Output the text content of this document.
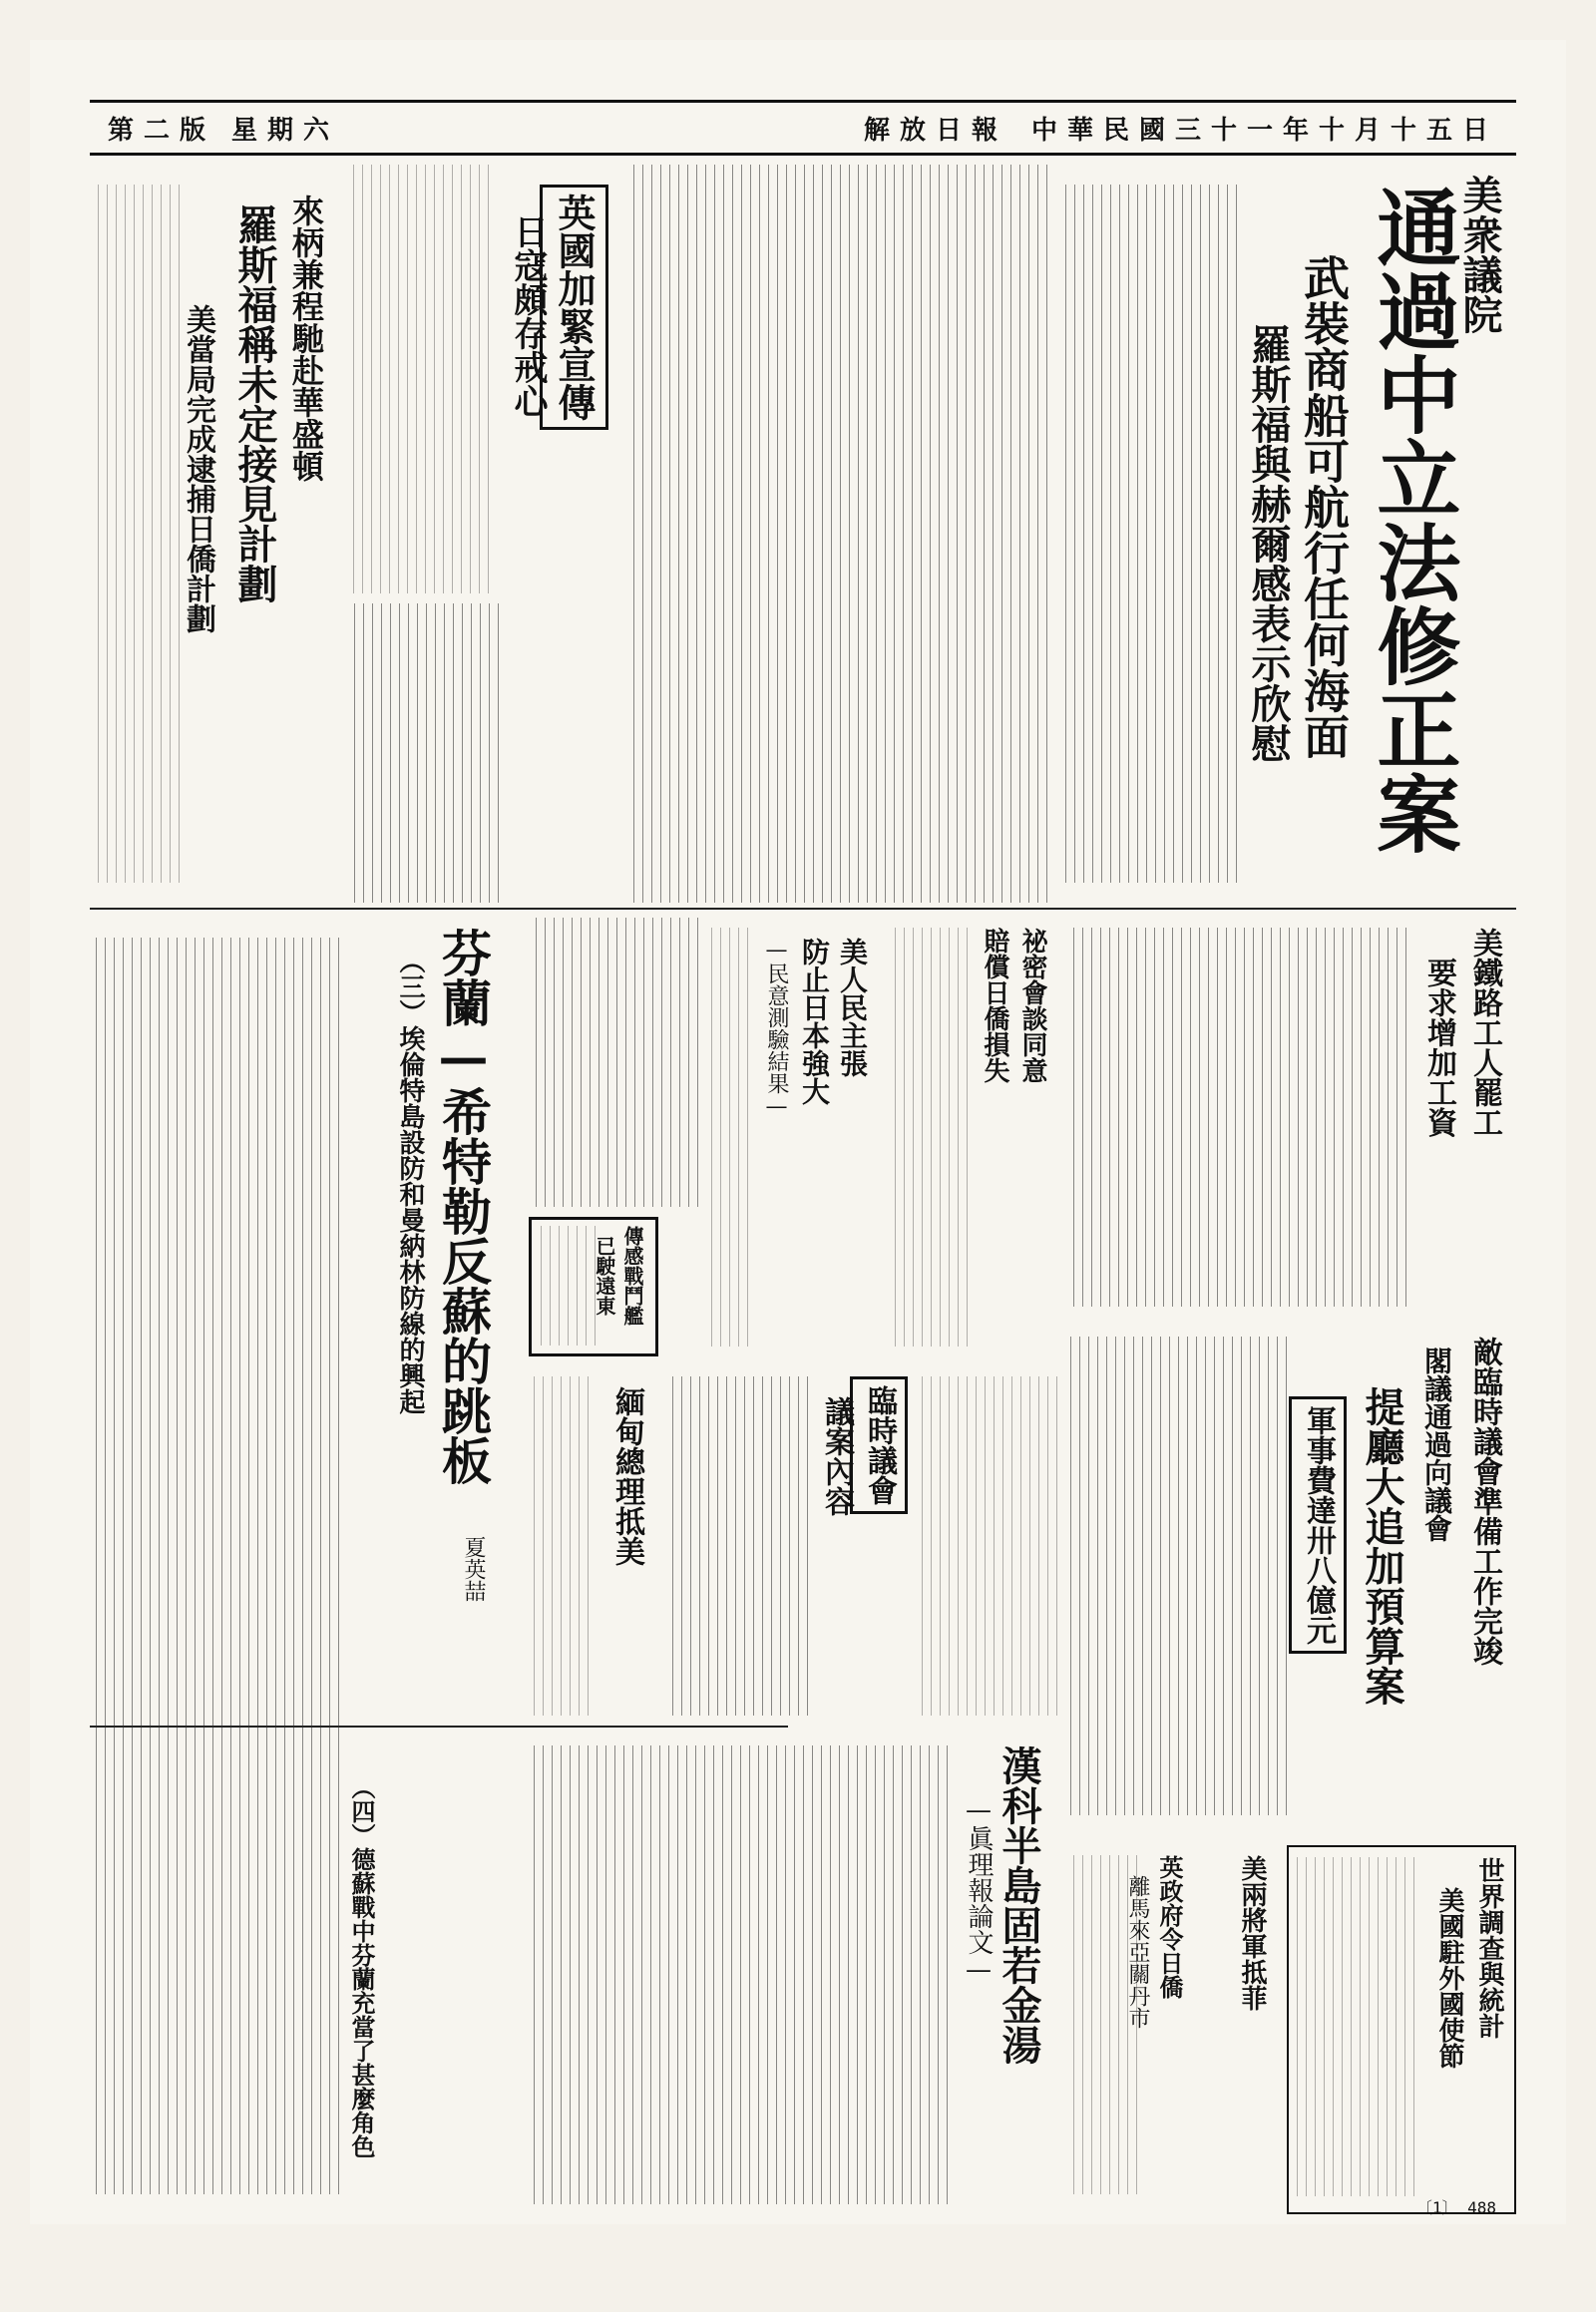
第二版 星期六	解放日報 中華民國三十一年十月十五日
美衆議院
通過中立法修正案
武裝商船可航行任何海面
羅斯福與赫爾感表示欣慰
英國加緊宣傳
日寇頗存戒心
來柄兼程馳赴華盛頓
羅斯福稱未定接見計劃
美當局完成逮捕日僑計劃
芬蘭—希特勒反蘇的跳板
夏英喆
（三）埃倫特島設防和曼納林防線的興起
（四）德蘇戰中芬蘭充當了甚麼角色
祕密會談同意
賠償日僑損失
美人民主張
防止日本強大
—民意測驗結果—	美鐵路工人罷工
要求增加工資
敵臨時議會準備工作完竣
閣議通過向議會
提廳大追加預算案
軍事費達卅八億元
臨時議會
議案內容
緬甸總理抵美
傳感戰鬥艦
已駛遠東
世界調查與統計
美國駐外國使節
美兩將軍抵菲
英政府令日僑
離馬來亞關丹市
漢科半島固若金湯
—眞理報論文—
〔1〕 488
